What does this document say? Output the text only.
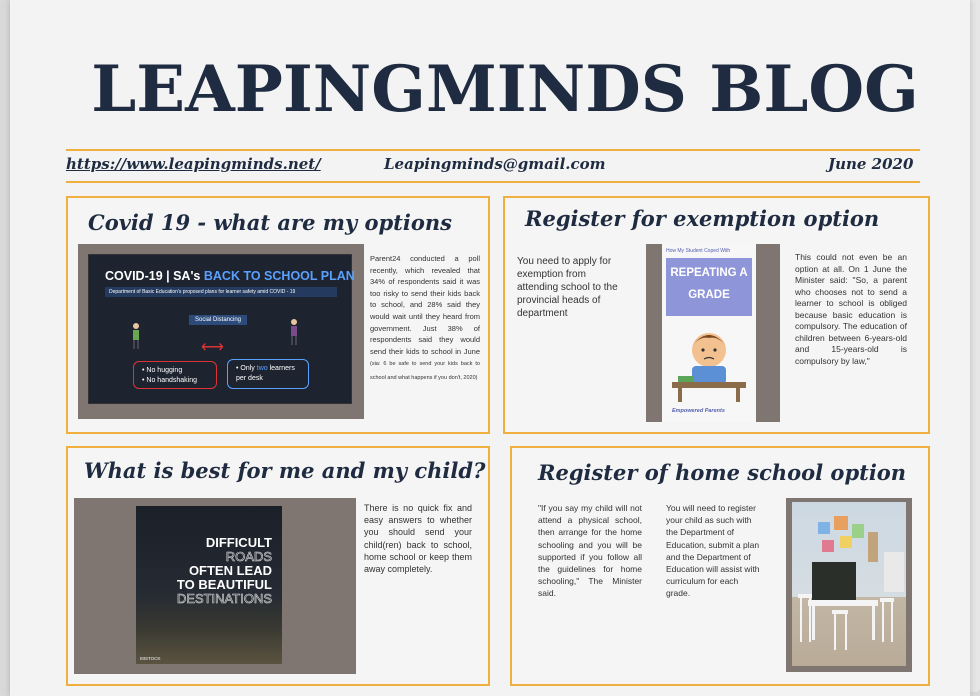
LEAPINGMINDS BLOG
https://www.leapingminds.net/	Leapingminds@gmail.com	June 2020
Covid 19 - what are my options
COVID-19 | SA's BACK TO SCHOOL PLAN
Department of Basic Education's proposed plans for learner safety amid COVID - 19
Social Distancing
⟷
• No hugging
• No handshaking
• Only two learners per desk
Parent24 conducted a poll recently, which revealed that 34% of respondents said it was too risky to send their kids back to school, and 28% said they would wait until they heard from government. Just 38% of respondents said they would send their kids to school in June (sia: 6 be safe to send your kids back to school and what happens if you don't, 2020)
Register for exemption option
You need to apply for exemption from attending school to the provincial heads of department
How My Student Coped With
REPEATING A GRADE
Empowered Parents
This could not even be an option at all. On 1 June the Minister said: "So, a parent who chooses not to send a learner to school is obliged because basic education is compulsory. The education of children between 6-years-old and 15-years-old is compulsory by law,"
What is best for me and my child?
DIFFICULT
ROADS
OFTEN LEAD
TO BEAUTIFUL
DESTINATIONS
IIIISTOCK
There is no quick fix and easy answers to whether you should send your child(ren) back to school, home school or keep them away completely.
Register of home school option
"If you say my child will not attend a physical school, then arrange for the home schooling and you will be supported if you follow all the guidelines for home schooling," The Minister said.
You will need to register your child as such with the Department of Education, submit a plan and the Department of Education will assist with curriculum for each grade.
